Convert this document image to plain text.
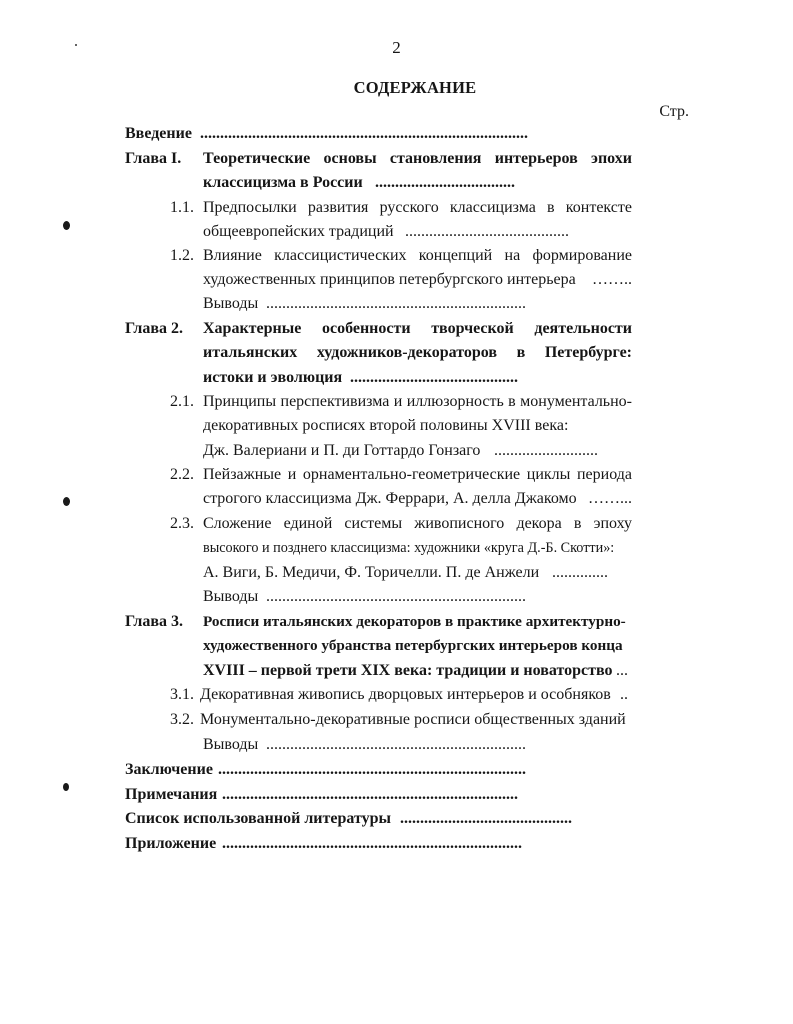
2
СОДЕРЖАНИЕ
Стр.
Введение ..................................................................................
Глава I. Теоретические основы становления интерьеров эпохи
классицизма в России ...................................
1.1. Предпосылки развития русского классицизма в контексте
общеевропейских традиций .........................................
1.2. Влияние классицистических концепций на формирование
художественных принципов петербургского интерьера ……..
Выводы .................................................................
Глава 2. Характерные особенности творческой деятельности
итальянских художников-декораторов в Петербурге:
истоки и эволюция ..........................................
2.1. Принципы перспективизма и иллюзорность в монументально-
декоративных росписях второй половины XVIII века:
Дж. Валериани и П. ди Готтардо Гонзаго ..........................
2.2. Пейзажные и орнаментально-геометрические циклы периода
строгого классицизма Дж. Феррари, А. делла Джакомо ……...
2.3. Сложение единой системы живописного декора в эпоху
высокого и позднего классицизма: художники «круга Д.-Б. Скотти»:
А. Виги, Б. Медичи, Ф. Торичелли. П. де Анжели ..............
Выводы .................................................................
Глава 3. Росписи итальянских декораторов в практике архитектурно-
художественного убранства петербургских интерьеров конца
XVIII – первой трети XIX века: традиции и новаторство ...
3.1. Декоративная живопись дворцовых интерьеров и особняков ..
3.2. Монументально-декоративные росписи общественных зданий
Выводы .................................................................
Заключение .............................................................................
Примечания ..........................................................................
Список использованной литературы ...........................................
Приложение ...........................................................................
